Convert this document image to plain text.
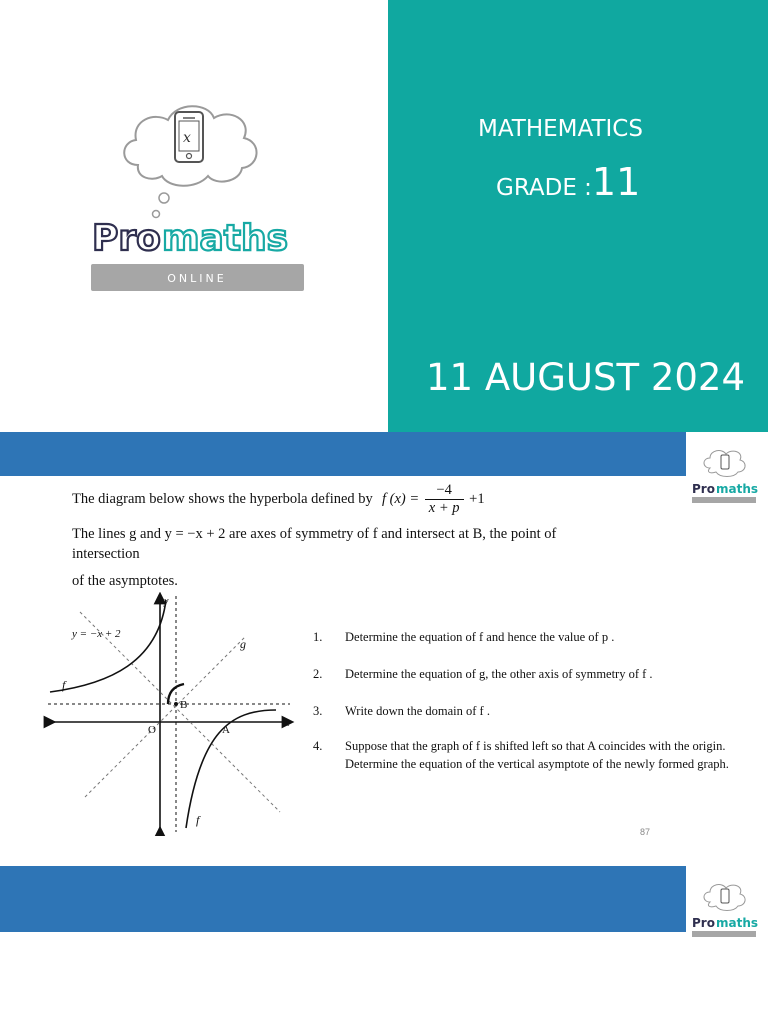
x
Pro maths
ONLINE
MATHEMATICS
GRADE :11
11 AUGUST 2024
Pro maths
Pro maths
The diagram below shows the hyperbola defined by f $(x) = \frac{-4}{x + p} +1$
The lines g and y = −x + 2 are axes of symmetry of f and intersect at B, the point of
intersection
of the asymptotes.
y = −x + 2
g
f
f
y
x
O	A
B
1. Determine the equation of f and hence the value of p .
2. Determine the equation of g, the other axis of symmetry of f .
3. Write down the domain of f .
4. Suppose that the graph of f is shifted left so that A coincides with the origin.
Determine the equation of the vertical asymptote of the newly formed graph.
87
